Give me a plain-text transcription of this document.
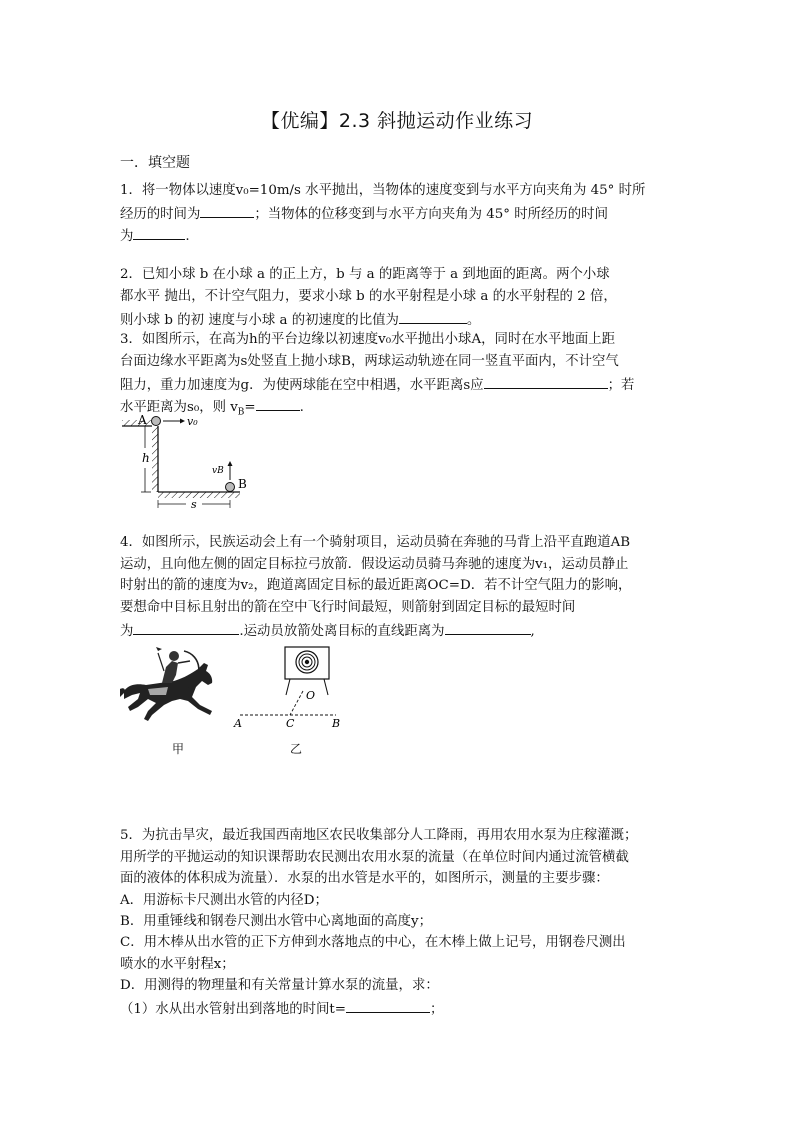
【优编】2.3 斜抛运动作业练习
一．填空题
1．将一物体以速度v₀=10m/s 水平抛出，当物体的速度变到与水平方向夹角为 45° 时所
经历的时间为	；当物体的位移变到与水平方向夹角为 45° 时所经历的时间
为	.
2．已知小球 b 在小球 a 的正上方，b 与 a 的距离等于 a 到地面的距离。两个小球
都水平 抛出，不计空气阻力，要求小球 b 的水平射程是小球 a 的水平射程的 2 倍，
则小球 b 的初 速度与小球 a 的初速度的比值为	。
3．如图所示，在高为h的平台边缘以初速度v₀水平抛出小球A，同时在水平地面上距
台面边缘水平距离为s处竖直上抛小球B，两球运动轨迹在同一竖直平面内，不计空气
阻力，重力加速度为g．为使两球能在空中相遇，水平距离s应	；若
水平距离为s₀，则 $v_B=$	.
A	v₀
h
vB
B
s
4．如图所示，民族运动会上有一个骑射项目，运动员骑在奔驰的马背上沿平直跑道AB
运动，且向他左侧的固定目标拉弓放箭．假设运动员骑马奔驰的速度为v₁，运动员静止
时射出的箭的速度为v₂，跑道离固定目标的最近距离OC=D．若不计空气阻力的影响，
要想命中目标且射出的箭在空中飞行时间最短，则箭射到固定目标的最短时间
为	.运动员放箭处离目标的直线距离为	,
甲
O
A	C	B
乙
5．为抗击旱灾，最近我国西南地区农民收集部分人工降雨，再用农用水泵为庄稼灌溉；
用所学的平抛运动的知识课帮助农民测出农用水泵的流量（在单位时间内通过流管横截
面的液体的体积成为流量）．水泵的出水管是水平的，如图所示，测量的主要步骤：
A．用游标卡尺测出水管的内径D；
B．用重锤线和钢卷尺测出水管中心离地面的高度y；
C．用木棒从出水管的正下方伸到水落地点的中心，在木棒上做上记号，用钢卷尺测出
喷水的水平射程x；
D．用测得的物理量和有关常量计算水泵的流量，求：
（1）水从出水管射出到落地的时间t=	；
